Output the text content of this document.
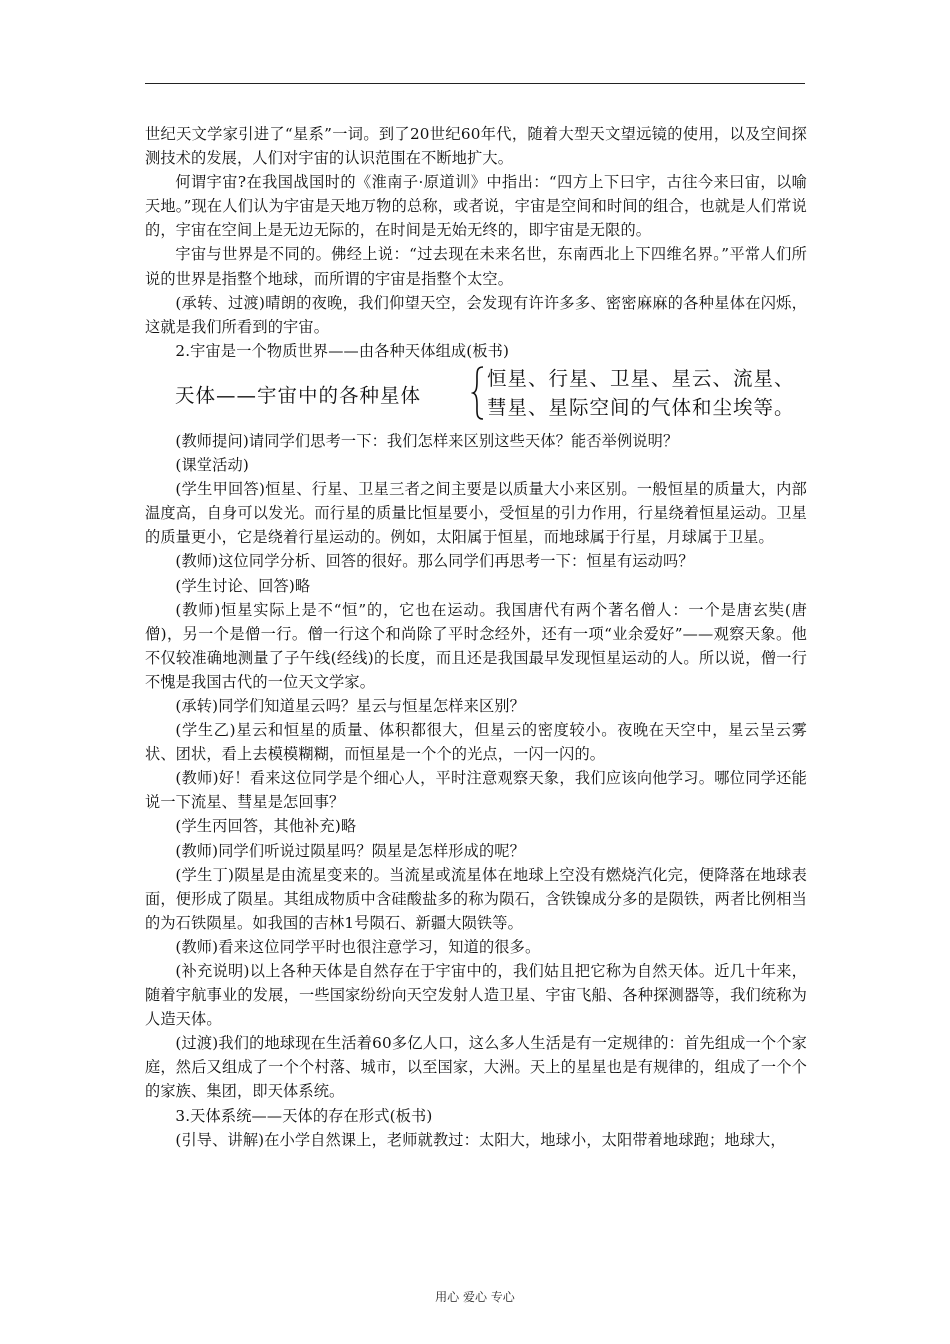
世纪天文学家引进了“星系”一词。到了20世纪60年代，随着大型天文望远镜的使用，以及空间探测技术的发展，人们对宇宙的认识范围在不断地扩大。

何谓宇宙?在我国战国时的《淮南子·原道训》中指出：“四方上下曰宇，古往今来曰宙，以喻天地。”现在人们认为宇宙是天地万物的总称，或者说，宇宙是空间和时间的组合，也就是人们常说的，宇宙在空间上是无边无际的，在时间是无始无终的，即宇宙是无限的。

宇宙与世界是不同的。佛经上说：“过去现在未来名世，东南西北上下四维名界。”平常人们所说的世界是指整个地球，而所谓的宇宙是指整个太空。

(承转、过渡)晴朗的夜晚，我们仰望天空，会发现有许许多多、密密麻麻的各种星体在闪烁，这就是我们所看到的宇宙。

2.宇宙是一个物质世界——由各种天体组成(板书)

天体——宇宙中的各种星体
恒星、行星、卫星、星云、流星、
彗星、星际空间的气体和尘埃等。

(教师提问)请同学们思考一下：我们怎样来区别这些天体？能否举例说明？

(课堂活动)

(学生甲回答)恒星、行星、卫星三者之间主要是以质量大小来区别。一般恒星的质量大，内部温度高，自身可以发光。而行星的质量比恒星要小，受恒星的引力作用，行星绕着恒星运动。卫星的质量更小，它是绕着行星运动的。例如，太阳属于恒星，而地球属于行星，月球属于卫星。

(教师)这位同学分析、回答的很好。那么同学们再思考一下：恒星有运动吗？

(学生讨论、回答)略

(教师)恒星实际上是不“恒”的，它也在运动。我国唐代有两个著名僧人：一个是唐玄奘(唐僧)，另一个是僧一行。僧一行这个和尚除了平时念经外，还有一项“业余爱好”——观察天象。他不仅较准确地测量了子午线(经线)的长度，而且还是我国最早发现恒星运动的人。所以说，僧一行不愧是我国古代的一位天文学家。

(承转)同学们知道星云吗？星云与恒星怎样来区别？

(学生乙)星云和恒星的质量、体积都很大，但星云的密度较小。夜晚在天空中，星云呈云雾状、团状，看上去模模糊糊，而恒星是一个个的光点，一闪一闪的。

(教师)好！看来这位同学是个细心人，平时注意观察天象，我们应该向他学习。哪位同学还能说一下流星、彗星是怎回事？

(学生丙回答，其他补充)略

(教师)同学们听说过陨星吗？陨星是怎样形成的呢？

(学生丁)陨星是由流星变来的。当流星或流星体在地球上空没有燃烧汽化完，便降落在地球表面，便形成了陨星。其组成物质中含硅酸盐多的称为陨石，含铁镍成分多的是陨铁，两者比例相当的为石铁陨星。如我国的吉林1号陨石、新疆大陨铁等。

(教师)看来这位同学平时也很注意学习，知道的很多。

(补充说明)以上各种天体是自然存在于宇宙中的，我们姑且把它称为自然天体。近几十年来，随着宇航事业的发展，一些国家纷纷向天空发射人造卫星、宇宙飞船、各种探测器等，我们统称为人造天体。

(过渡)我们的地球现在生活着60多亿人口，这么多人生活是有一定规律的：首先组成一个个家庭，然后又组成了一个个村落、城市，以至国家，大洲。天上的星星也是有规律的，组成了一个个的家族、集团，即天体系统。

3.天体系统——天体的存在形式(板书)

(引导、讲解)在小学自然课上，老师就教过：太阳大，地球小，太阳带着地球跑；地球大，

用心 爱心 专心
